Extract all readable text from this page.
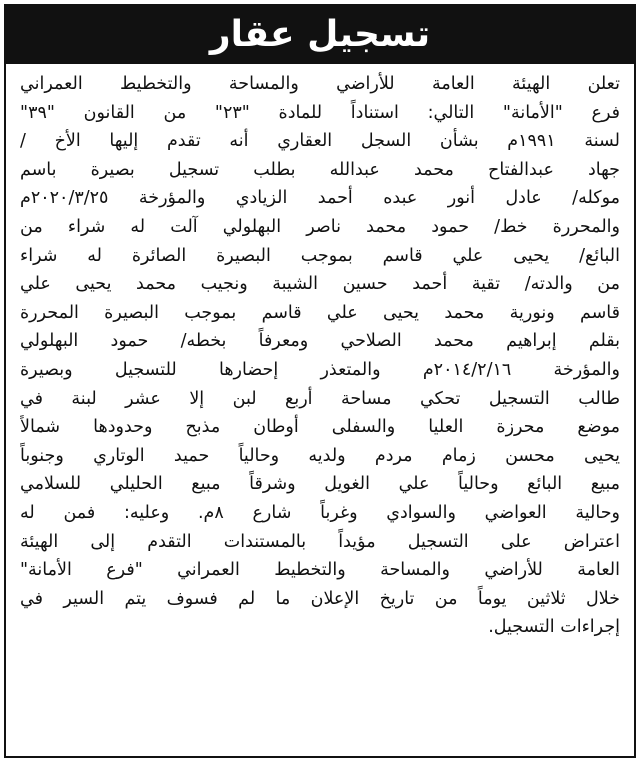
تسجيل عقار
تعلن الهيئة العامة للأراضي والمساحة والتخطيط العمراني
فرع "الأمانة" التالي: استناداً للمادة "٢٣" من القانون "٣٩"
لسنة ١٩٩١م بشأن السجل العقاري أنه تقدم إليها الأخ /
جهاد عبدالفتاح محمد عبدالله بطلب تسجيل بصيرة باسم
موكله/ عادل أنور عبده أحمد الزيادي والمؤرخة ٢٠٢٠/٣/٢٥م
والمحررة خط/ حمود محمد ناصر البهلولي آلت له شراء من
البائع/ يحيى علي قاسم بموجب البصيرة الصائرة له شراء
من والدته/ تقية أحمد حسين الشيبة ونجيب محمد يحيى علي
قاسم ونورية محمد يحيى علي قاسم بموجب البصيرة المحررة
بقلم إبراهيم محمد الصلاحي ومعرفاً بخطه/ حمود البهلولي
والمؤرخة ٢٠١٤/٢/١٦م والمتعذر إحضارها للتسجيل وبصيرة
طالب التسجيل تحكي مساحة أربع لبن إلا عشر لبنة في
موضع محرزة العليا والسفلى أوطان مذبح وحدودها شمالاً
يحيى محسن زمام مردم ولديه وحالياً حميد الوتاري وجنوباً
مبيع البائع وحالياً علي الغويل وشرقاً مبيع الحليلي للسلامي
وحالية العواضي والسوادي وغرباً شارع ٨م. وعليه: فمن له
اعتراض على التسجيل مؤيداً بالمستندات التقدم إلى الهيئة
العامة للأراضي والمساحة والتخطيط العمراني "فرع الأمانة"
خلال ثلاثين يوماً من تاريخ الإعلان ما لم فسوف يتم السير في
إجراءات التسجيل.
